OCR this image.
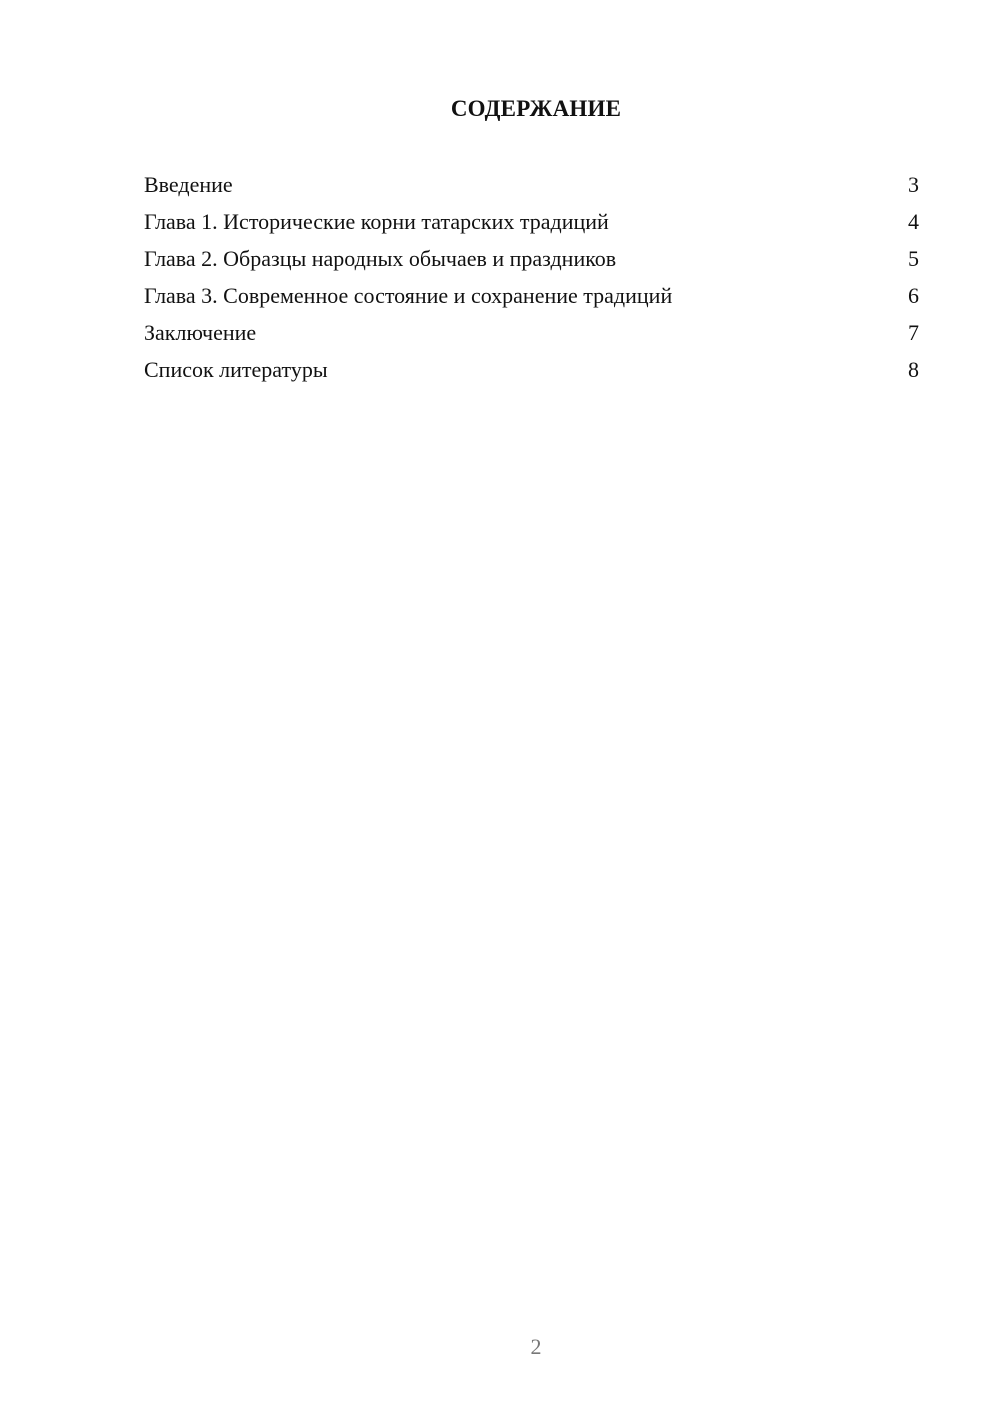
СОДЕРЖАНИЕ
Введение	3
Глава 1. Исторические корни татарских традиций	4
Глава 2. Образцы народных обычаев и праздников	5
Глава 3. Современное состояние и сохранение традиций	6
Заключение	7
Список литературы	8
2
